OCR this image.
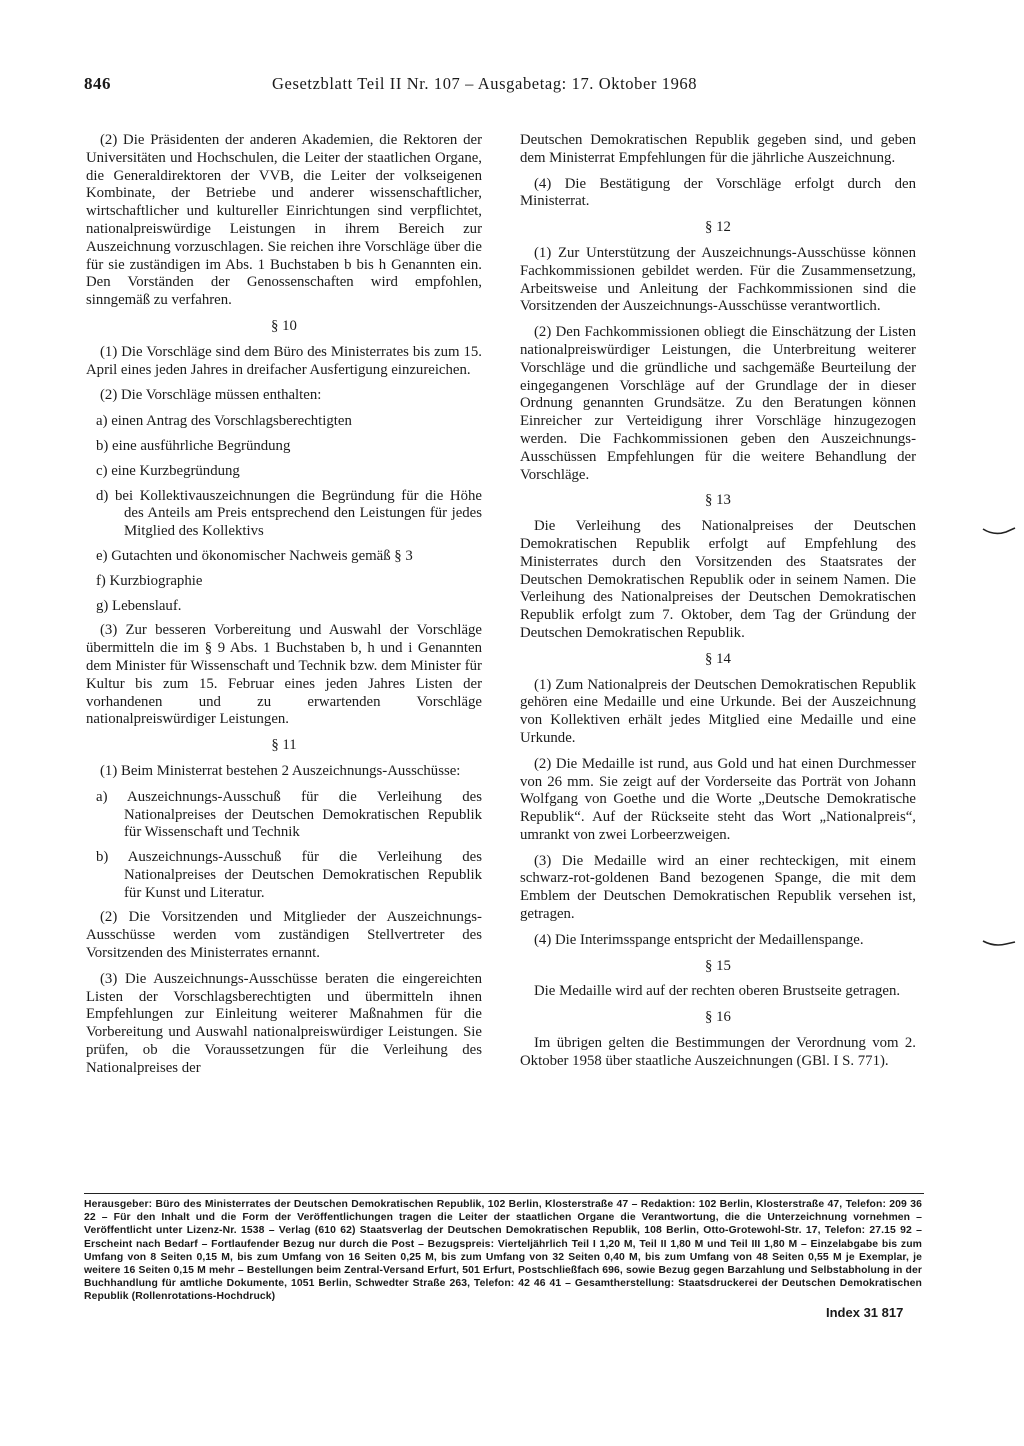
846	Gesetzblatt Teil II Nr. 107 – Ausgabetag: 17. Oktober 1968

(2) Die Präsidenten der anderen Akademien, die Rektoren der Universitäten und Hochschulen, die Leiter der staatlichen Organe, die Generaldirektoren der VVB, die Leiter der volkseigenen Kombinate, der Betriebe und anderer wissenschaftlicher, wirtschaftlicher und kultureller Einrichtungen sind verpflichtet, nationalpreiswürdige Leistungen in ihrem Bereich zur Auszeichnung vorzuschlagen. Sie reichen ihre Vorschläge über die für sie zuständigen im Abs. 1 Buchstaben b bis h Genannten ein. Den Vorständen der Genossenschaften wird empfohlen, sinngemäß zu verfahren.

§ 10

(1) Die Vorschläge sind dem Büro des Ministerrates bis zum 15. April eines jeden Jahres in dreifacher Ausfertigung einzureichen.

(2) Die Vorschläge müssen enthalten:

a) einen Antrag des Vorschlagsberechtigten

b) eine ausführliche Begründung

c) eine Kurzbegründung

d) bei Kollektivauszeichnungen die Begründung für die Höhe des Anteils am Preis entsprechend den Leistungen für jedes Mitglied des Kollektivs

e) Gutachten und ökonomischer Nachweis gemäß § 3

f) Kurzbiographie

g) Lebenslauf.

(3) Zur besseren Vorbereitung und Auswahl der Vorschläge übermitteln die im § 9 Abs. 1 Buchstaben b, h und i Genannten dem Minister für Wissenschaft und Technik bzw. dem Minister für Kultur bis zum 15. Februar eines jeden Jahres Listen der vorhandenen und zu erwartenden Vorschläge nationalpreiswürdiger Leistungen.

§ 11

(1) Beim Ministerrat bestehen 2 Auszeichnungs-Ausschüsse:

a) Auszeichnungs-Ausschuß für die Verleihung des Nationalpreises der Deutschen Demokratischen Republik für Wissenschaft und Technik

b) Auszeichnungs-Ausschuß für die Verleihung des Nationalpreises der Deutschen Demokratischen Republik für Kunst und Literatur.

(2) Die Vorsitzenden und Mitglieder der Auszeichnungs-Ausschüsse werden vom zuständigen Stellvertreter des Vorsitzenden des Ministerrates ernannt.

(3) Die Auszeichnungs-Ausschüsse beraten die eingereichten Listen der Vorschlagsberechtigten und übermitteln ihnen Empfehlungen zur Einleitung weiterer Maßnahmen für die Vorbereitung und Auswahl nationalpreiswürdiger Leistungen. Sie prüfen, ob die Voraussetzungen für die Verleihung des Nationalpreises der

Deutschen Demokratischen Republik gegeben sind, und geben dem Ministerrat Empfehlungen für die jährliche Auszeichnung.

(4) Die Bestätigung der Vorschläge erfolgt durch den Ministerrat.

§ 12

(1) Zur Unterstützung der Auszeichnungs-Ausschüsse können Fachkommissionen gebildet werden. Für die Zusammensetzung, Arbeitsweise und Anleitung der Fachkommissionen sind die Vorsitzenden der Auszeichnungs-Ausschüsse verantwortlich.

(2) Den Fachkommissionen obliegt die Einschätzung der Listen nationalpreiswürdiger Leistungen, die Unterbreitung weiterer Vorschläge und die gründliche und sachgemäße Beurteilung der eingegangenen Vorschläge auf der Grundlage der in dieser Ordnung genannten Grundsätze. Zu den Beratungen können Einreicher zur Verteidigung ihrer Vorschläge hinzugezogen werden. Die Fachkommissionen geben den Auszeichnungs-Ausschüssen Empfehlungen für die weitere Behandlung der Vorschläge.

§ 13

Die Verleihung des Nationalpreises der Deutschen Demokratischen Republik erfolgt auf Empfehlung des Ministerrates durch den Vorsitzenden des Staatsrates der Deutschen Demokratischen Republik oder in seinem Namen. Die Verleihung des Nationalpreises der Deutschen Demokratischen Republik erfolgt zum 7. Oktober, dem Tag der Gründung der Deutschen Demokratischen Republik.

§ 14

(1) Zum Nationalpreis der Deutschen Demokratischen Republik gehören eine Medaille und eine Urkunde. Bei der Auszeichnung von Kollektiven erhält jedes Mitglied eine Medaille und eine Urkunde.

(2) Die Medaille ist rund, aus Gold und hat einen Durchmesser von 26 mm. Sie zeigt auf der Vorderseite das Porträt von Johann Wolfgang von Goethe und die Worte „Deutsche Demokratische Republik“. Auf der Rückseite steht das Wort „Nationalpreis“, umrankt von zwei Lorbeerzweigen.

(3) Die Medaille wird an einer rechteckigen, mit einem schwarz-rot-goldenen Band bezogenen Spange, die mit dem Emblem der Deutschen Demokratischen Republik versehen ist, getragen.

(4) Die Interimsspange entspricht der Medaillenspange.

§ 15

Die Medaille wird auf der rechten oberen Brustseite getragen.

§ 16

Im übrigen gelten die Bestimmungen der Verordnung vom 2. Oktober 1958 über staatliche Auszeichnungen (GBl. I S. 771).

Herausgeber: Büro des Ministerrates der Deutschen Demokratischen Republik, 102 Berlin, Klosterstraße 47 – Redaktion: 102 Berlin, Klosterstraße 47, Telefon: 209 36 22 – Für den Inhalt und die Form der Veröffentlichungen tragen die Leiter der staatlichen Organe die Verantwortung, die die Unterzeichnung vornehmen – Veröffentlicht unter Lizenz-Nr. 1538 – Verlag (610 62) Staatsverlag der Deutschen Demokratischen Republik, 108 Berlin, Otto-Grotewohl-Str. 17, Telefon: 27.15 92 – Erscheint nach Bedarf – Fortlaufender Bezug nur durch die Post – Bezugspreis: Vierteljährlich Teil I 1,20 M, Teil II 1,80 M und Teil III 1,80 M – Einzelabgabe bis zum Umfang von 8 Seiten 0,15 M, bis zum Umfang von 16 Seiten 0,25 M, bis zum Umfang von 32 Seiten 0,40 M, bis zum Umfang von 48 Seiten 0,55 M je Exemplar, je weitere 16 Seiten 0,15 M mehr – Bestellungen beim Zentral-Versand Erfurt, 501 Erfurt, Postschließfach 696, sowie Bezug gegen Barzahlung und Selbstabholung in der Buchhandlung für amtliche Dokumente, 1051 Berlin, Schwedter Straße 263, Telefon: 42 46 41 – Gesamtherstellung: Staatsdruckerei der Deutschen Demokratischen Republik (Rollenrotations-Hochdruck)

Index 31 817
